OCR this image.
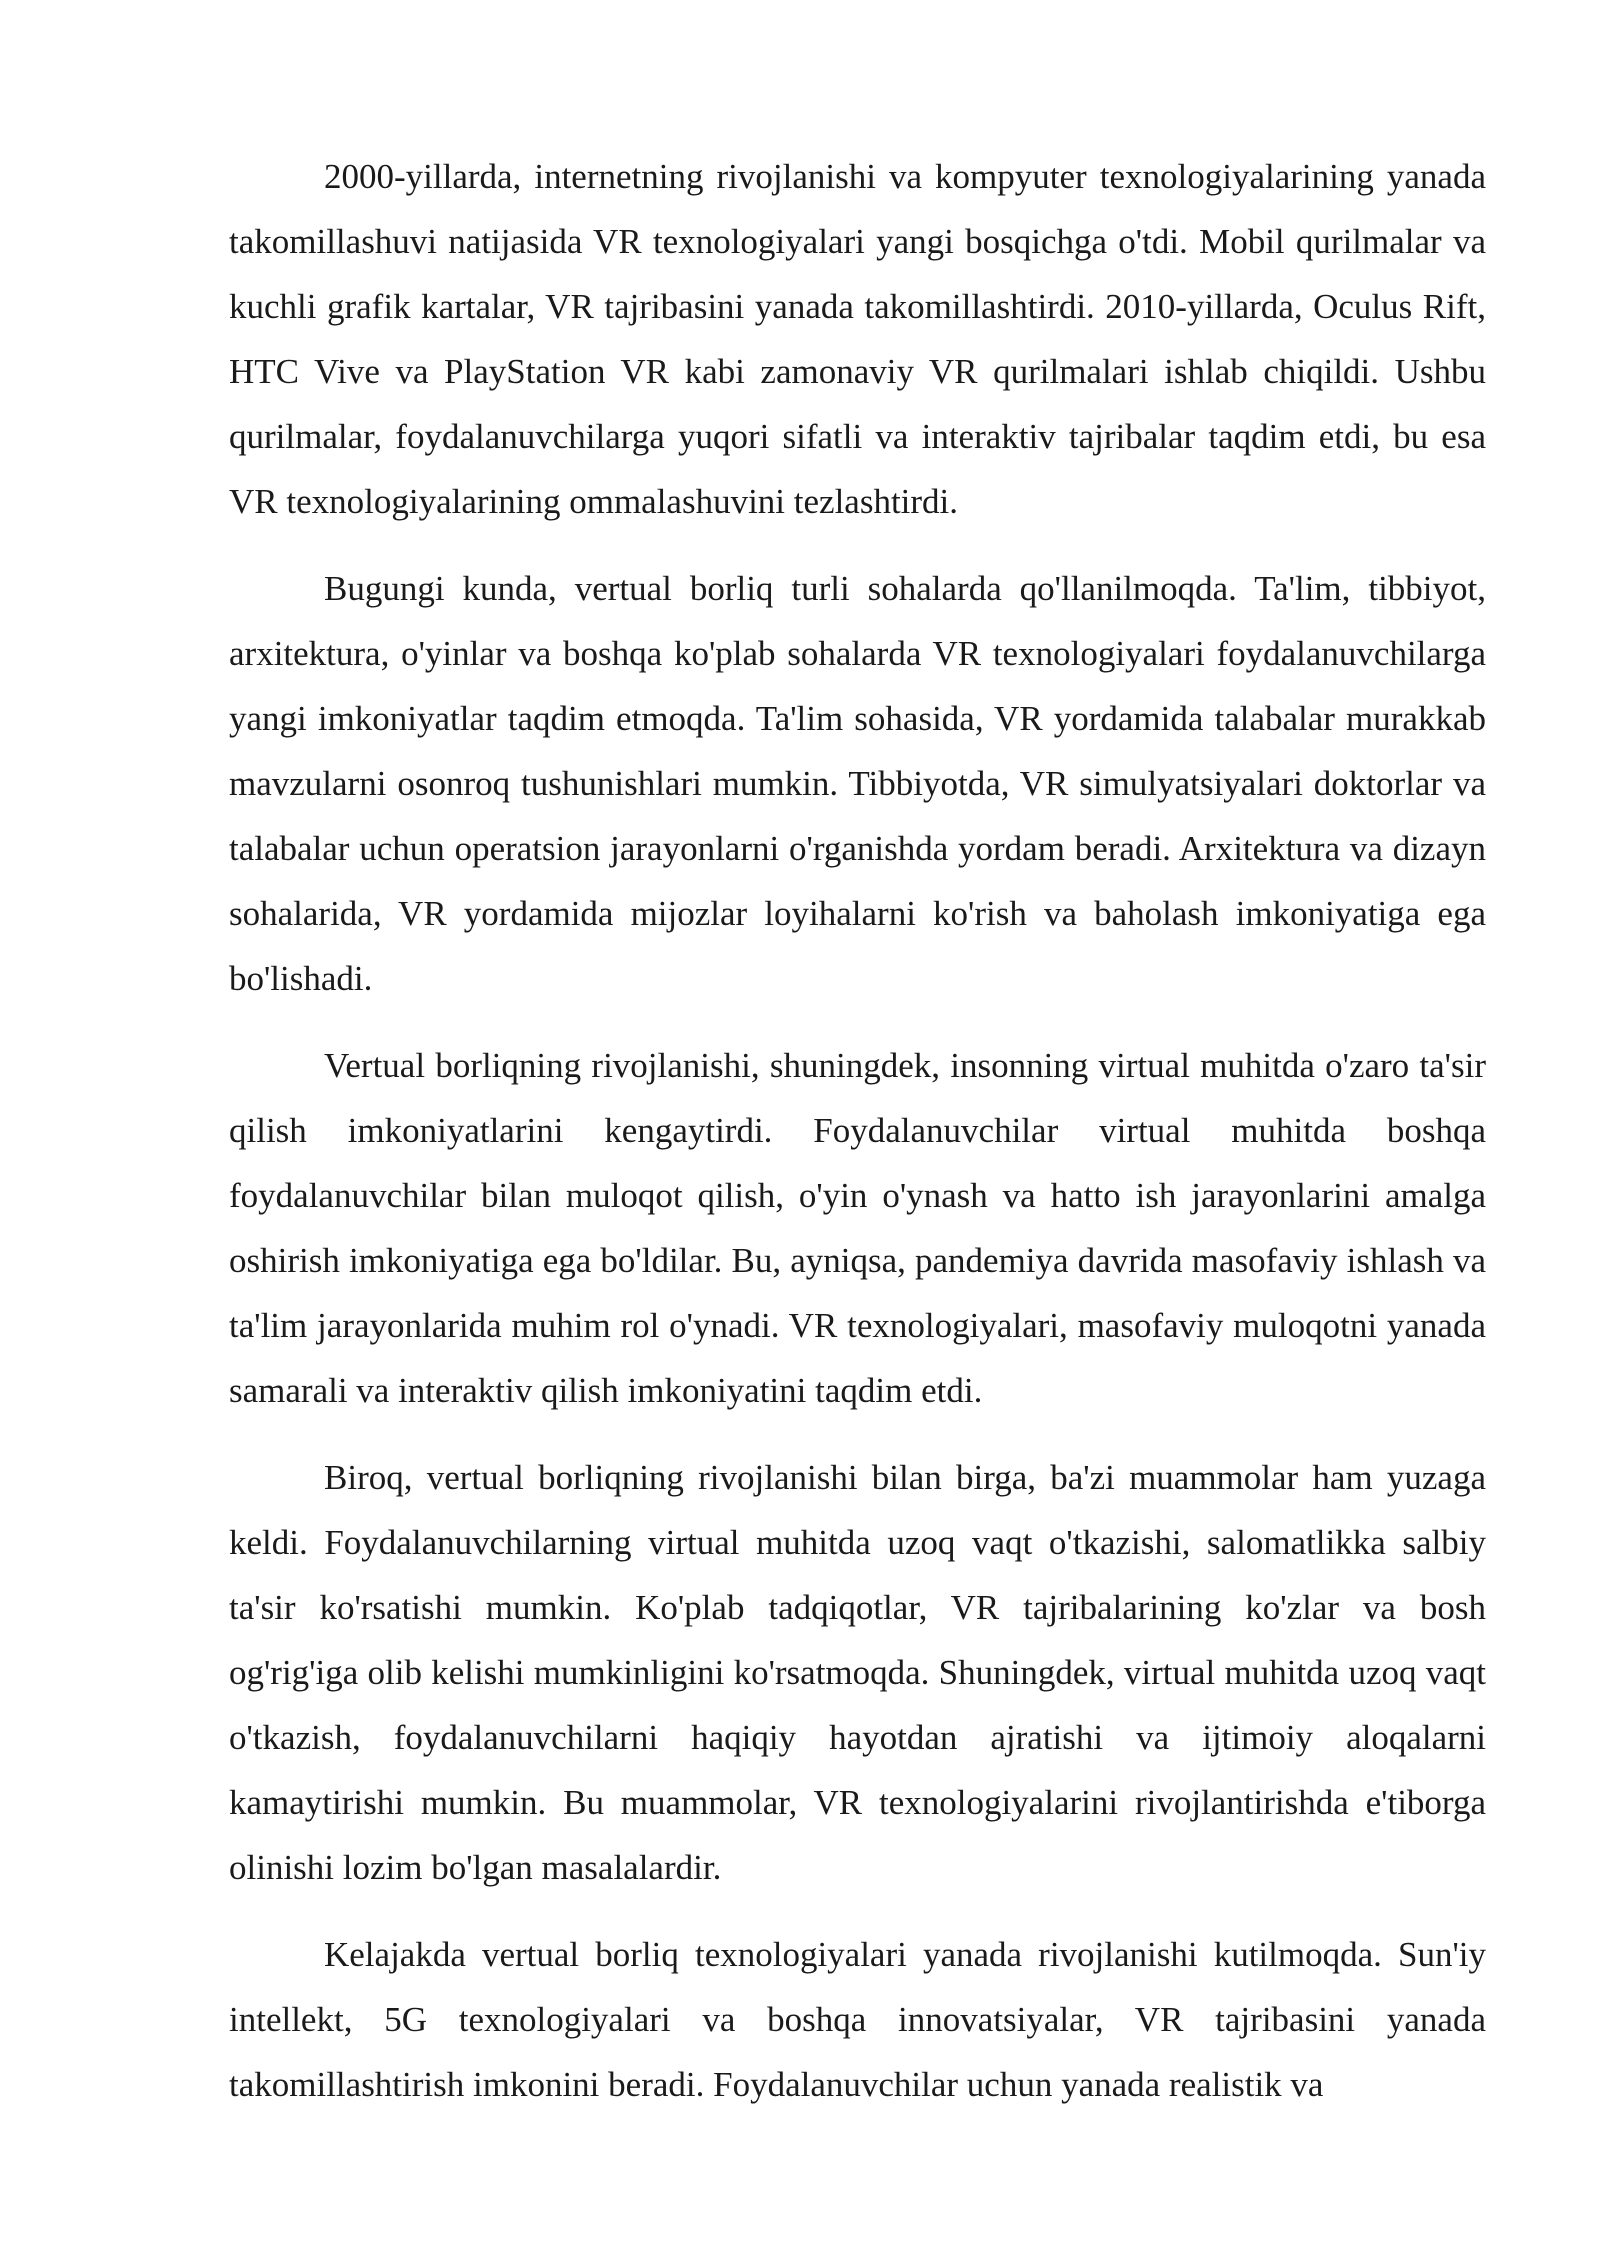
2000-yillarda, internetning rivojlanishi va kompyuter texnologiyalarining yanada takomillashuvi natijasida VR texnologiyalari yangi bosqichga o'tdi. Mobil qurilmalar va kuchli grafik kartalar, VR tajribasini yanada takomillashtirdi. 2010-yillarda, Oculus Rift, HTC Vive va PlayStation VR kabi zamonaviy VR qurilmalari ishlab chiqildi. Ushbu qurilmalar, foydalanuvchilarga yuqori sifatli va interaktiv tajribalar taqdim etdi, bu esa VR texnologiyalarining ommalashuvini tezlashtirdi.

Bugungi kunda, vertual borliq turli sohalarda qo'llanilmoqda. Ta'lim, tibbiyot, arxitektura, o'yinlar va boshqa ko'plab sohalarda VR texnologiyalari foydalanuvchilarga yangi imkoniyatlar taqdim etmoqda. Ta'lim sohasida, VR yordamida talabalar murakkab mavzularni osonroq tushunishlari mumkin. Tibbiyotda, VR simulyatsiyalari doktorlar va talabalar uchun operatsion jarayonlarni o'rganishda yordam beradi. Arxitektura va dizayn sohalarida, VR yordamida mijozlar loyihalarni ko'rish va baholash imkoniyatiga ega bo'lishadi.

Vertual borliqning rivojlanishi, shuningdek, insonning virtual muhitda o'zaro ta'sir qilish imkoniyatlarini kengaytirdi. Foydalanuvchilar virtual muhitda boshqa foydalanuvchilar bilan muloqot qilish, o'yin o'ynash va hatto ish jarayonlarini amalga oshirish imkoniyatiga ega bo'ldilar. Bu, ayniqsa, pandemiya davrida masofaviy ishlash va ta'lim jarayonlarida muhim rol o'ynadi. VR texnologiyalari, masofaviy muloqotni yanada samarali va interaktiv qilish imkoniyatini taqdim etdi.

Biroq, vertual borliqning rivojlanishi bilan birga, ba'zi muammolar ham yuzaga keldi. Foydalanuvchilarning virtual muhitda uzoq vaqt o'tkazishi, salomatlikka salbiy ta'sir ko'rsatishi mumkin. Ko'plab tadqiqotlar, VR tajribalarining ko'zlar va bosh og'rig'iga olib kelishi mumkinligini ko'rsatmoqda. Shuningdek, virtual muhitda uzoq vaqt o'tkazish, foydalanuvchilarni haqiqiy hayotdan ajratishi va ijtimoiy aloqalarni kamaytirishi mumkin. Bu muammolar, VR texnologiyalarini rivojlantirishda e'tiborga olinishi lozim bo'lgan masalalardir.

Kelajakda vertual borliq texnologiyalari yanada rivojlanishi kutilmoqda. Sun'iy intellekt, 5G texnologiyalari va boshqa innovatsiyalar, VR tajribasini yanada takomillashtirish imkonini beradi. Foydalanuvchilar uchun yanada realistik va
